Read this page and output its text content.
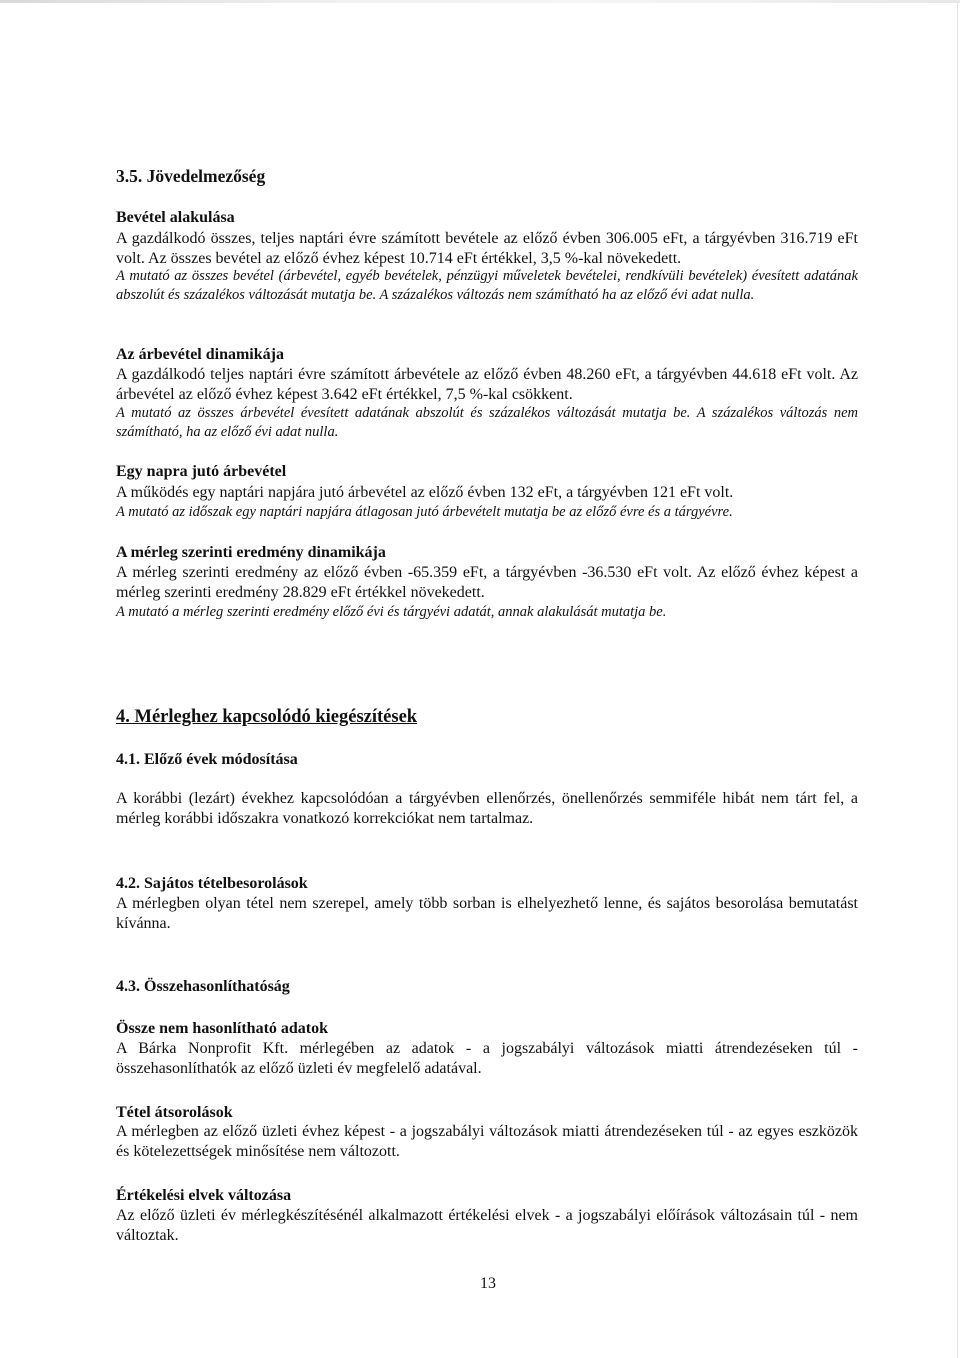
3.5. Jövedelmezőség
Bevétel alakulása

A gazdálkodó összes, teljes naptári évre számított bevétele az előző évben 306.005 eFt, a tárgyévben 316.719 eFt volt. Az összes bevétel az előző évhez képest 10.714 eFt értékkel, 3,5 %-kal növekedett.

A mutató az összes bevétel (árbevétel, egyéb bevételek, pénzügyi műveletek bevételei, rendkívüli bevételek) évesített adatának abszolút és százalékos változását mutatja be. A százalékos változás nem számítható ha az előző évi adat nulla.

Az árbevétel dinamikája

A gazdálkodó teljes naptári évre számított árbevétele az előző évben 48.260 eFt, a tárgyévben 44.618 eFt volt. Az árbevétel az előző évhez képest 3.642 eFt értékkel, 7,5 %-kal csökkent.

A mutató az összes árbevétel évesített adatának abszolút és százalékos változását mutatja be. A százalékos változás nem számítható, ha az előző évi adat nulla.

Egy napra jutó árbevétel

A működés egy naptári napjára jutó árbevétel az előző évben 132 eFt, a tárgyévben 121 eFt volt.

A mutató az időszak egy naptári napjára átlagosan jutó árbevételt mutatja be az előző évre és a tárgyévre.

A mérleg szerinti eredmény dinamikája

A mérleg szerinti eredmény az előző évben -65.359 eFt, a tárgyévben -36.530 eFt volt. Az előző évhez képest a mérleg szerinti eredmény 28.829 eFt értékkel növekedett.

A mutató a mérleg szerinti eredmény előző évi és tárgyévi adatát, annak alakulását mutatja be.

4. Mérleghez kapcsolódó kiegészítések
4.1. Előző évek módosítása

A korábbi (lezárt) évekhez kapcsolódóan a tárgyévben ellenőrzés, önellenőrzés semmiféle hibát nem tárt fel, a mérleg korábbi időszakra vonatkozó korrekciókat nem tartalmaz.

4.2. Sajátos tételbesorolások

A mérlegben olyan tétel nem szerepel, amely több sorban is elhelyezhető lenne, és sajátos besorolása bemutatást kívánna.

4.3. Összehasonlíthatóság
Össze nem hasonlítható adatok

A Bárka Nonprofit Kft. mérlegében az adatok - a jogszabályi változások miatti átrendezéseken túl - összehasonlíthatók az előző üzleti év megfelelő adatával.

Tétel átsorolások

A mérlegben az előző üzleti évhez képest - a jogszabályi változások miatti átrendezéseken túl - az egyes eszközök és kötelezettségek minősítése nem változott.

Értékelési elvek változása

Az előző üzleti év mérlegkészítésénél alkalmazott értékelési elvek - a jogszabályi előírások változásain túl - nem változtak.

13
